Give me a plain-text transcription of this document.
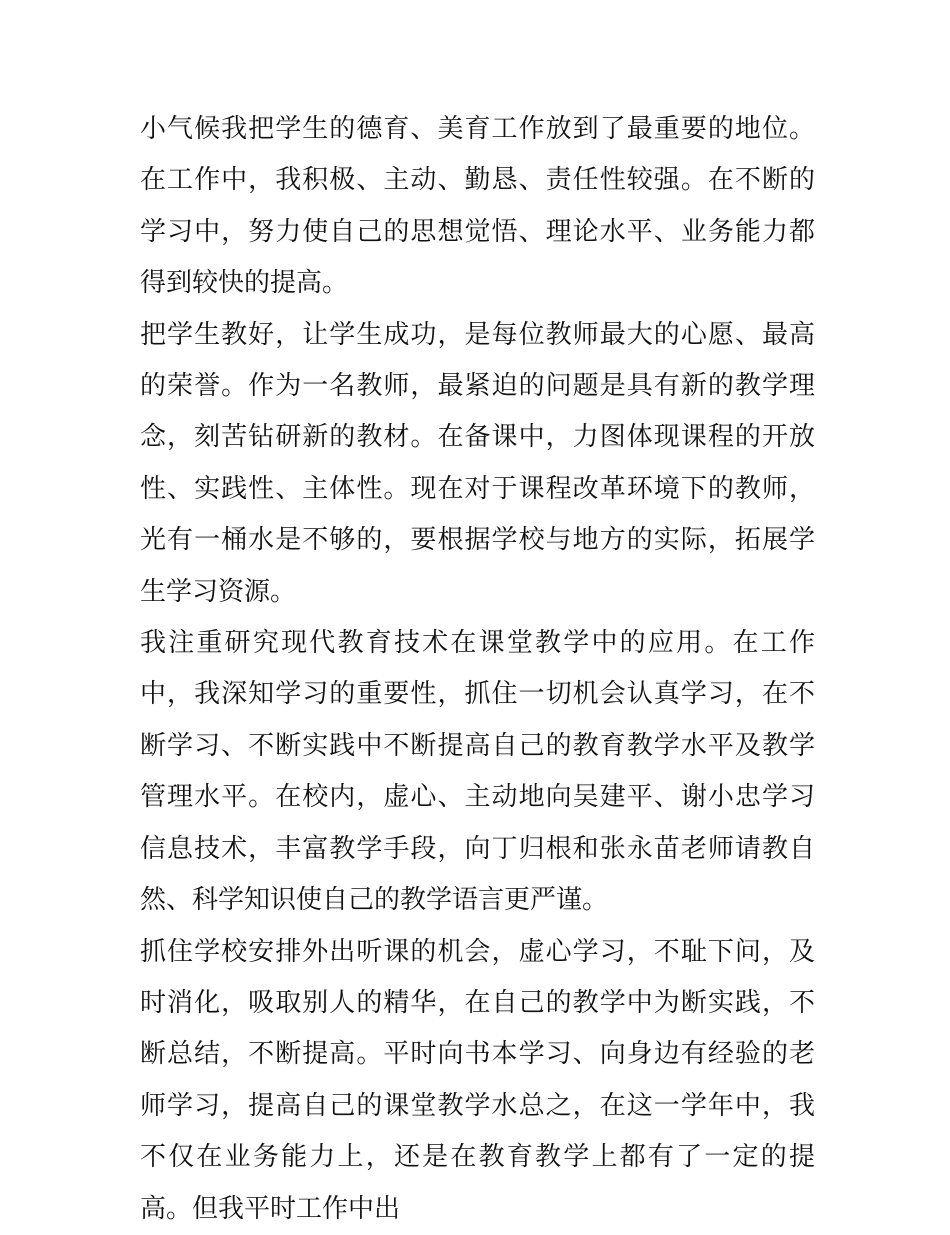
小气候我把学生的德育、美育工作放到了最重要的地位。在工作中，我积极、主动、勤恳、责任性较强。在不断的学习中，努力使自己的思想觉悟、理论水平、业务能力都得到较快的提高。

把学生教好，让学生成功，是每位教师最大的心愿、最高的荣誉。作为一名教师，最紧迫的问题是具有新的教学理念，刻苦钻研新的教材。在备课中，力图体现课程的开放性、实践性、主体性。现在对于课程改革环境下的教师，光有一桶水是不够的，要根据学校与地方的实际，拓展学生学习资源。

我注重研究现代教育技术在课堂教学中的应用。在工作中，我深知学习的重要性，抓住一切机会认真学习，在不断学习、不断实践中不断提高自己的教育教学水平及教学管理水平。在校内，虚心、主动地向吴建平、谢小忠学习信息技术，丰富教学手段，向丁归根和张永苗老师请教自然、科学知识使自己的教学语言更严谨。

抓住学校安排外出听课的机会，虚心学习，不耻下问，及时消化，吸取别人的精华，在自己的教学中为断实践，不断总结，不断提高。平时向书本学习、向身边有经验的老师学习，提高自己的课堂教学水总之，在这一学年中，我不仅在业务能力上，还是在教育教学上都有了一定的提高。但我平时工作中出
